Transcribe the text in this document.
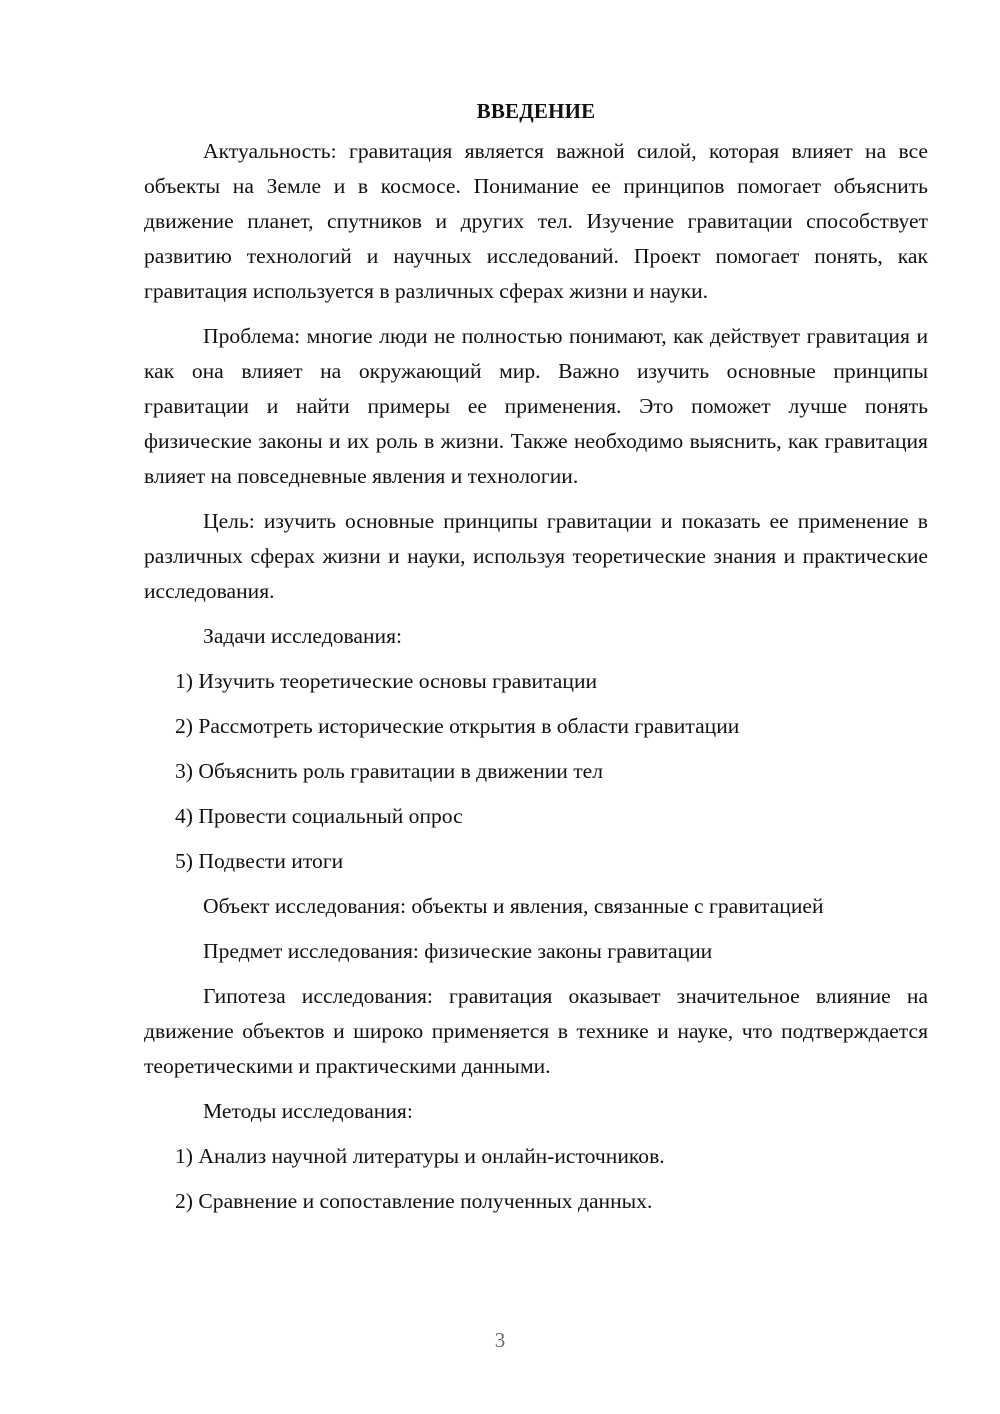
ВВЕДЕНИЕ

Актуальность: гравитация является важной силой, которая влияет на все объекты на Земле и в космосе. Понимание ее принципов помогает объяснить движение планет, спутников и других тел. Изучение гравитации способствует развитию технологий и научных исследований. Проект помогает понять, как гравитация используется в различных сферах жизни и науки.

Проблема: многие люди не полностью понимают, как действует гравитация и как она влияет на окружающий мир. Важно изучить основные принципы гравитации и найти примеры ее применения. Это поможет лучше понять физические законы и их роль в жизни. Также необходимо выяснить, как гравитация влияет на повседневные явления и технологии.

Цель: изучить основные принципы гравитации и показать ее применение в различных сферах жизни и науки, используя теоретические знания и практические исследования.

Задачи исследования:

1) Изучить теоретические основы гравитации

2) Рассмотреть исторические открытия в области гравитации

3) Объяснить роль гравитации в движении тел

4) Провести социальный опрос

5) Подвести итоги

Объект исследования: объекты и явления, связанные с гравитацией

Предмет исследования: физические законы гравитации

Гипотеза исследования: гравитация оказывает значительное влияние на движение объектов и широко применяется в технике и науке, что подтверждается теоретическими и практическими данными.

Методы исследования:

1) Анализ научной литературы и онлайн-источников.

2) Сравнение и сопоставление полученных данных.

3
